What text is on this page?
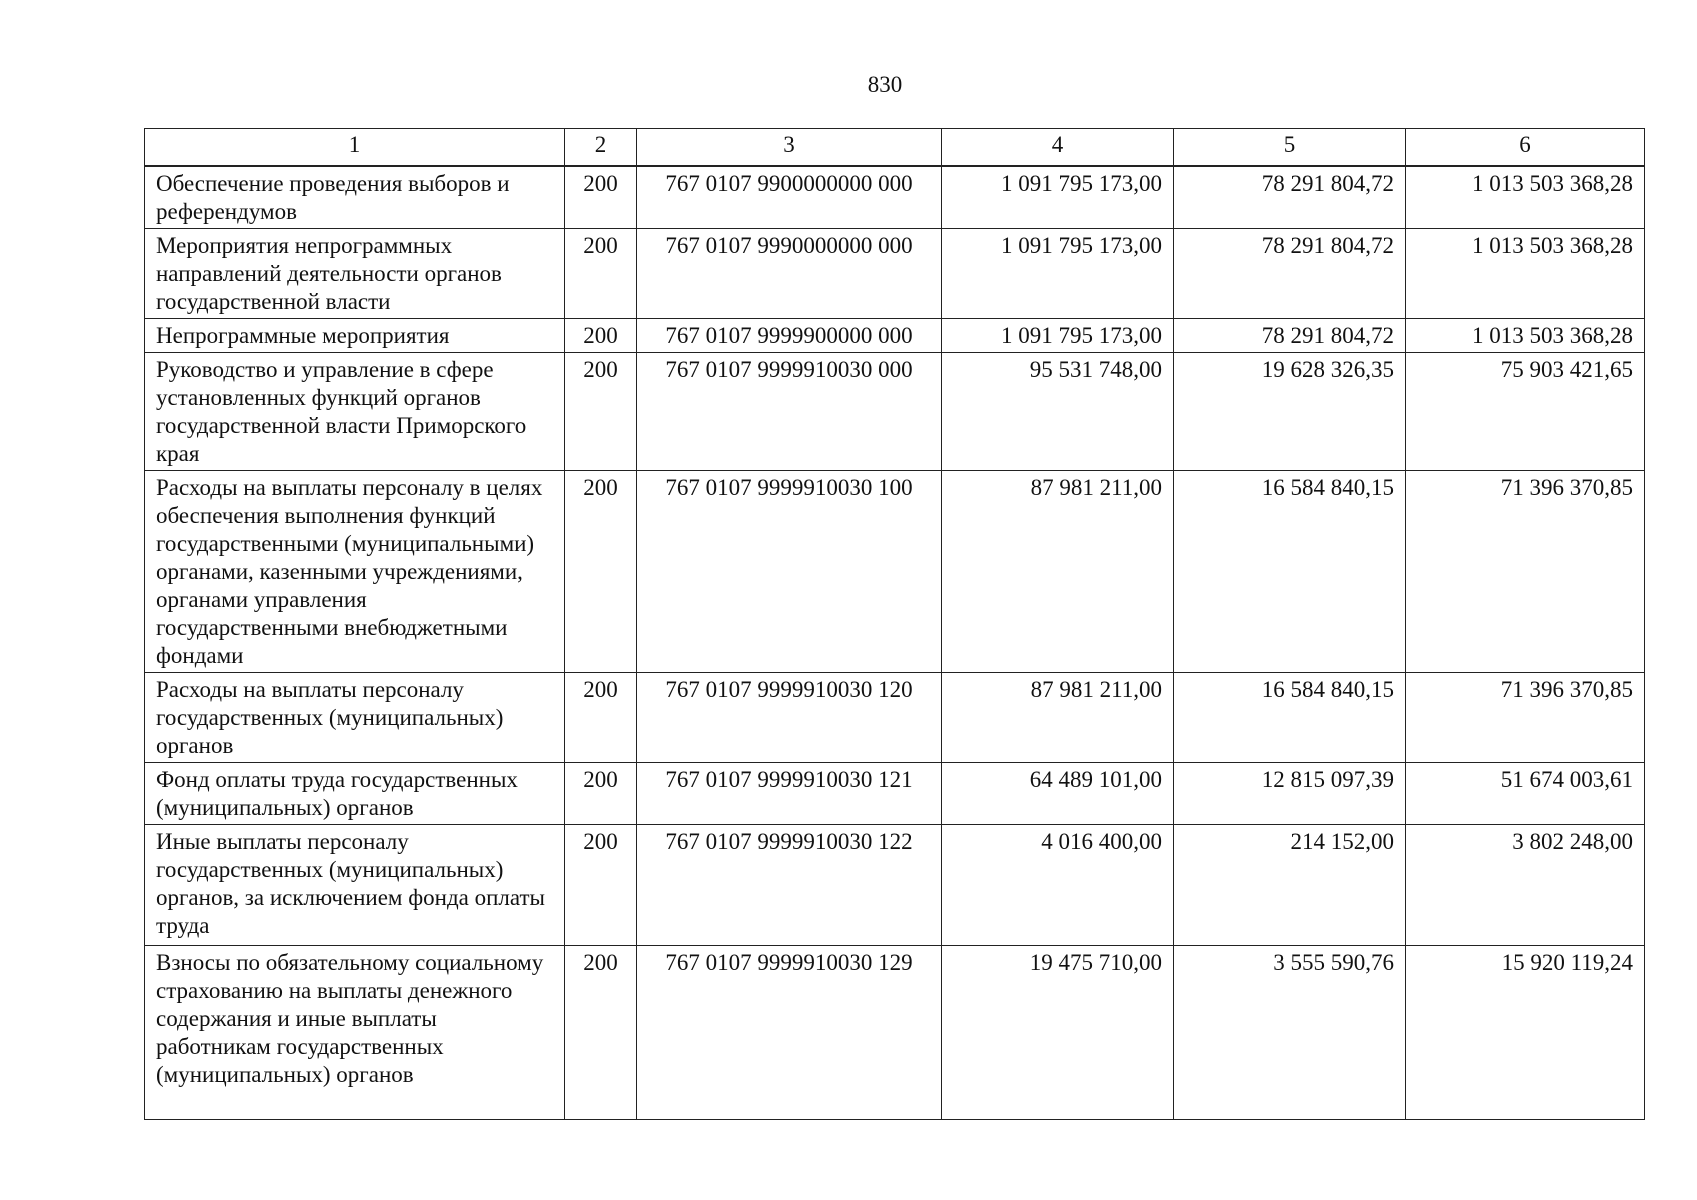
830
1	2	3	4	5	6
Обеспечение проведения выборов и референдумов	200	767 0107 9900000000 000	1 091 795 173,00	78 291 804,72	1 013 503 368,28
Мероприятия непрограммных направлений деятельности органов государственной власти	200	767 0107 9990000000 000	1 091 795 173,00	78 291 804,72	1 013 503 368,28
Непрограммные мероприятия	200	767 0107 9999900000 000	1 091 795 173,00	78 291 804,72	1 013 503 368,28
Руководство и управление в сфере установленных функций органов государственной власти Приморского края	200	767 0107 9999910030 000	95 531 748,00	19 628 326,35	75 903 421,65
Расходы на выплаты персоналу в целях обеспечения выполнения функций государственными (муниципальными) органами, казенными учреждениями, органами управления государственными внебюджетными фондами	200	767 0107 9999910030 100	87 981 211,00	16 584 840,15	71 396 370,85
Расходы на выплаты персоналу государственных (муниципальных) органов	200	767 0107 9999910030 120	87 981 211,00	16 584 840,15	71 396 370,85
Фонд оплаты труда государственных (муниципальных) органов	200	767 0107 9999910030 121	64 489 101,00	12 815 097,39	51 674 003,61
Иные выплаты персоналу государственных (муниципальных) органов, за исключением фонда оплаты труда	200	767 0107 9999910030 122	4 016 400,00	214 152,00	3 802 248,00
Взносы по обязательному социальному страхованию на выплаты денежного содержания и иные выплаты работникам государственных (муниципальных) органов	200	767 0107 9999910030 129	19 475 710,00	3 555 590,76	15 920 119,24
